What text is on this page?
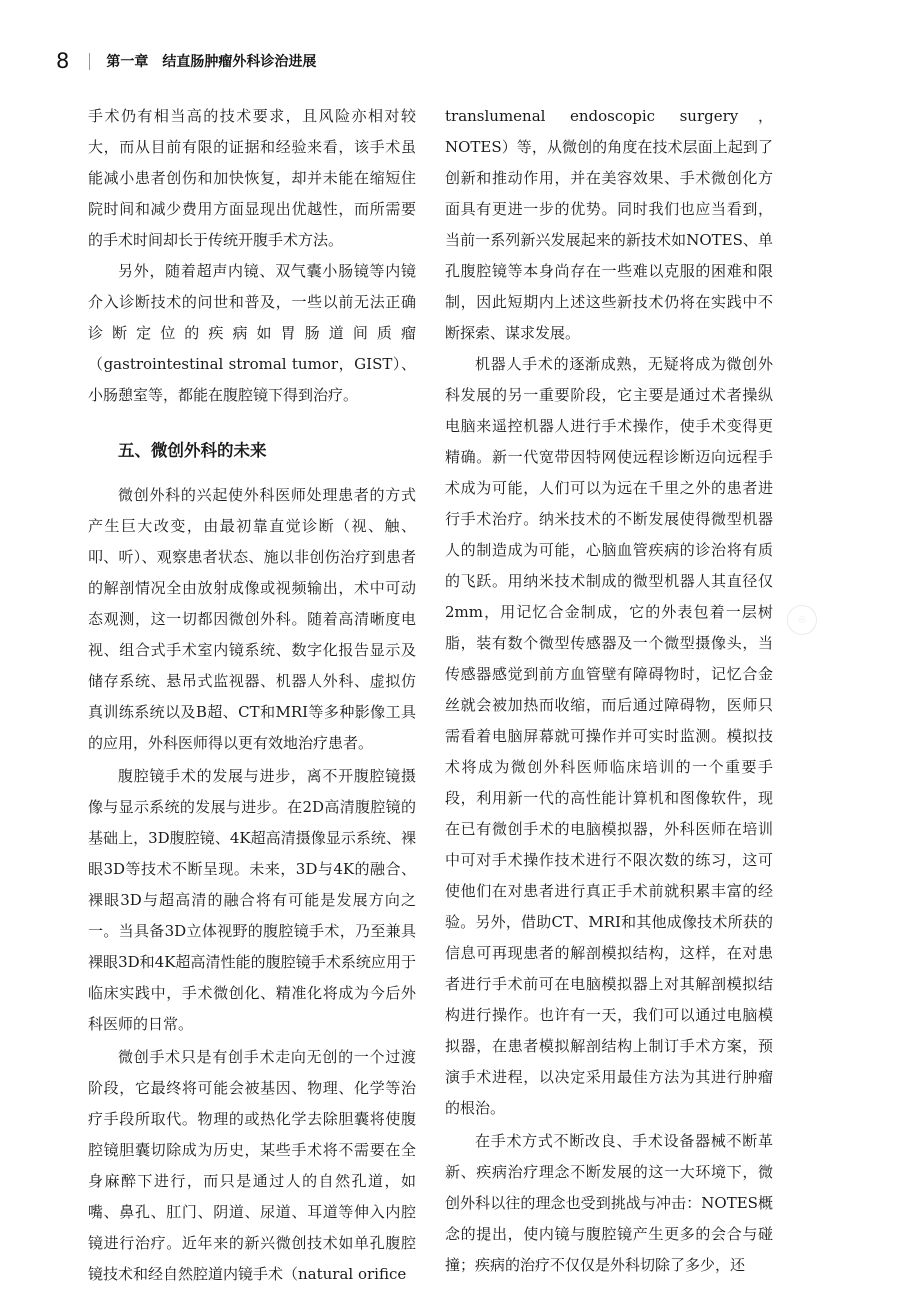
8	第一章　结直肠肿瘤外科诊治进展

手术仍有相当高的技术要求，且风险亦相对较大，而从目前有限的证据和经验来看，该手术虽能减小患者创伤和加快恢复，却并未能在缩短住院时间和减少费用方面显现出优越性，而所需要的手术时间却长于传统开腹手术方法。

另外，随着超声内镜、双气囊小肠镜等内镜介入诊断技术的问世和普及，一些以前无法正确诊断定位的疾病如胃肠道间质瘤（gastrointestinal stromal tumor，GIST）、小肠憩室等，都能在腹腔镜下得到治疗。

五、微创外科的未来

微创外科的兴起使外科医师处理患者的方式产生巨大改变，由最初靠直觉诊断（视、触、叩、听）、观察患者状态、施以非创伤治疗到患者的解剖情况全由放射成像或视频输出，术中可动态观测，这一切都因微创外科。随着高清晰度电视、组合式手术室内镜系统、数字化报告显示及储存系统、悬吊式监视器、机器人外科、虚拟仿真训练系统以及B超、CT和MRI等多种影像工具的应用，外科医师得以更有效地治疗患者。

腹腔镜手术的发展与进步，离不开腹腔镜摄像与显示系统的发展与进步。在2D高清腹腔镜的基础上，3D腹腔镜、4K超高清摄像显示系统、裸眼3D等技术不断呈现。未来，3D与4K的融合、裸眼3D与超高清的融合将有可能是发展方向之一。当具备3D立体视野的腹腔镜手术，乃至兼具裸眼3D和4K超高清性能的腹腔镜手术系统应用于临床实践中，手术微创化、精准化将成为今后外科医师的日常。

微创手术只是有创手术走向无创的一个过渡阶段，它最终将可能会被基因、物理、化学等治疗手段所取代。物理的或热化学去除胆囊将使腹腔镜胆囊切除成为历史，某些手术将不需要在全身麻醉下进行，而只是通过人的自然孔道，如嘴、鼻孔、肛门、阴道、尿道、耳道等伸入内腔镜进行治疗。近年来的新兴微创技术如单孔腹腔镜技术和经自然腔道内镜手术（natural orifice

translumenal endoscopic surgery，NOTES）等，从微创的角度在技术层面上起到了创新和推动作用，并在美容效果、手术微创化方面具有更进一步的优势。同时我们也应当看到，当前一系列新兴发展起来的新技术如NOTES、单孔腹腔镜等本身尚存在一些难以克服的困难和限制，因此短期内上述这些新技术仍将在实践中不断探索、谋求发展。

机器人手术的逐渐成熟，无疑将成为微创外科发展的另一重要阶段，它主要是通过术者操纵电脑来遥控机器人进行手术操作，使手术变得更精确。新一代宽带因特网使远程诊断迈向远程手术成为可能，人们可以为远在千里之外的患者进行手术治疗。纳米技术的不断发展使得微型机器人的制造成为可能，心脑血管疾病的诊治将有质的飞跃。用纳米技术制成的微型机器人其直径仅2mm，用记忆合金制成，它的外表包着一层树脂，装有数个微型传感器及一个微型摄像头，当传感器感觉到前方血管壁有障碍物时，记忆合金丝就会被加热而收缩，而后通过障碍物，医师只需看着电脑屏幕就可操作并可实时监测。模拟技术将成为微创外科医师临床培训的一个重要手段，利用新一代的高性能计算机和图像软件，现在已有微创手术的电脑模拟器，外科医师在培训中可对手术操作技术进行不限次数的练习，这可使他们在对患者进行真正手术前就积累丰富的经验。另外，借助CT、MRI和其他成像技术所获的信息可再现患者的解剖模拟结构，这样，在对患者进行手术前可在电脑模拟器上对其解剖模拟结构进行操作。也许有一天，我们可以通过电脑模拟器，在患者模拟解剖结构上制订手术方案，预演手术进程，以决定采用最佳方法为其进行肿瘤的根治。

在手术方式不断改良、手术设备器械不断革新、疾病治疗理念不断发展的这一大环境下，微创外科以往的理念也受到挑战与冲击：NOTES概念的提出，使内镜与腹腔镜产生更多的会合与碰撞；疾病的治疗不仅仅是外科切除了多少，还

◎
